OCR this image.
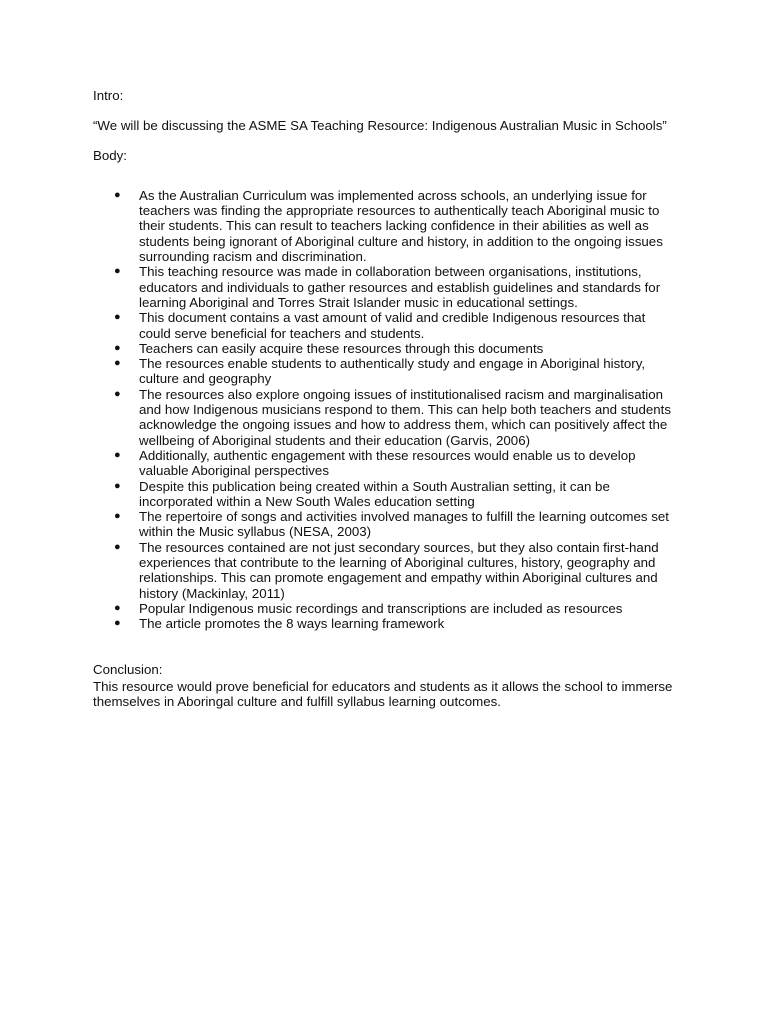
Intro:
“We will be discussing the ASME SA Teaching Resource: Indigenous Australian Music in Schools”
Body:
● As the Australian Curriculum was implemented across schools, an underlying issue for teachers was finding the appropriate resources to authentically teach Aboriginal music to their students. This can result to teachers lacking confidence in their abilities as well as students being ignorant of Aboriginal culture and history, in addition to the ongoing issues surrounding racism and discrimination.
● This teaching resource was made in collaboration between organisations, institutions, educators and individuals to gather resources and establish guidelines and standards for learning Aboriginal and Torres Strait Islander music in educational settings.
● This document contains a vast amount of valid and credible Indigenous resources that could serve beneficial for teachers and students.
● Teachers can easily acquire these resources through this documents
● The resources enable students to authentically study and engage in Aboriginal history, culture and geography
● The resources also explore ongoing issues of institutionalised racism and marginalisation and how Indigenous musicians respond to them. This can help both teachers and students acknowledge the ongoing issues and how to address them, which can positively affect the wellbeing of Aboriginal students and their education (Garvis, 2006)
● Additionally, authentic engagement with these resources would enable us to develop valuable Aboriginal perspectives
● Despite this publication being created within a South Australian setting, it can be incorporated within a New South Wales education setting
● The repertoire of songs and activities involved manages to fulfill the learning outcomes set within the Music syllabus (NESA, 2003)
● The resources contained are not just secondary sources, but they also contain first-hand experiences that contribute to the learning of Aboriginal cultures, history, geography and relationships. This can promote engagement and empathy within Aboriginal cultures and history (Mackinlay, 2011)
● Popular Indigenous music recordings and transcriptions are included as resources
● The article promotes the 8 ways learning framework
Conclusion:
This resource would prove beneficial for educators and students as it allows the school to immerse themselves in Aboringal culture and fulfill syllabus learning outcomes.
